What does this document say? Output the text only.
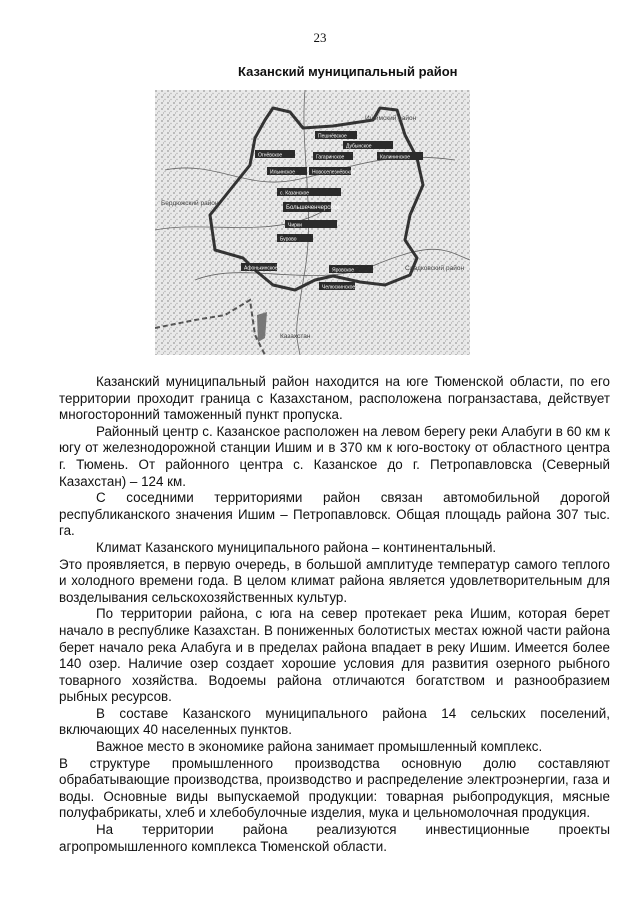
23
Казанский муниципальный район
Ишимский район
Бердюжский район
Сладковский район
Казахстан
Пешнёвское
Огнёвское
Дубынское
Гагаринское
Ильинское	Новоселезнёвское
с. Казанское
Большеченчерское
Чирки
Бурово
Афонькинское	Яровское
Челюскинское
Калининское

Казанский муниципальный район находится на юге Тюменской области, по его территории проходит граница с Казахстаном, расположена погранзастава, действует многосторонний таможенный пункт пропуска.

Районный центр с. Казанское расположен на левом берегу реки Алабуги в 60 км к югу от железнодорожной станции Ишим и в 370 км к юго-востоку от областного центра г. Тюмень. От районного центра с. Казанское до г. Петропавловска (Северный Казахстан) – 124 км.

С соседними территориями район связан автомобильной дорогой республиканского значения Ишим – Петропавловск. Общая площадь района 307 тыс. га.

Климат Казанского муниципального района – континентальный.

Это проявляется, в первую очередь, в большой амплитуде температур самого теплого и холодного времени года. В целом климат района является удовлетворительным для возделывания сельскохозяйственных культур.

По территории района, с юга на север протекает река Ишим, которая берет начало в республике Казахстан. В пониженных болотистых местах южной части района берет начало река Алабуга и в пределах района впадает в реку Ишим. Имеется более 140 озер. Наличие озер создает хорошие условия для развития озерного рыбного товарного хозяйства. Водоемы района отличаются богатством и разнообразием рыбных ресурсов.

В составе Казанского муниципального района 14 сельских поселений, включающих 40 населенных пунктов.

Важное место в экономике района занимает промышленный комплекс.

В структуре промышленного производства основную долю составляют обрабатывающие производства, производство и распределение электроэнергии, газа и воды. Основные виды выпускаемой продукции: товарная рыбопродукция, мясные полуфабрикаты, хлеб и хлебобулочные изделия, мука и цельномолочная продукция.

На территории района реализуются инвестиционные проекты агропромышленного комплекса Тюменской области.
